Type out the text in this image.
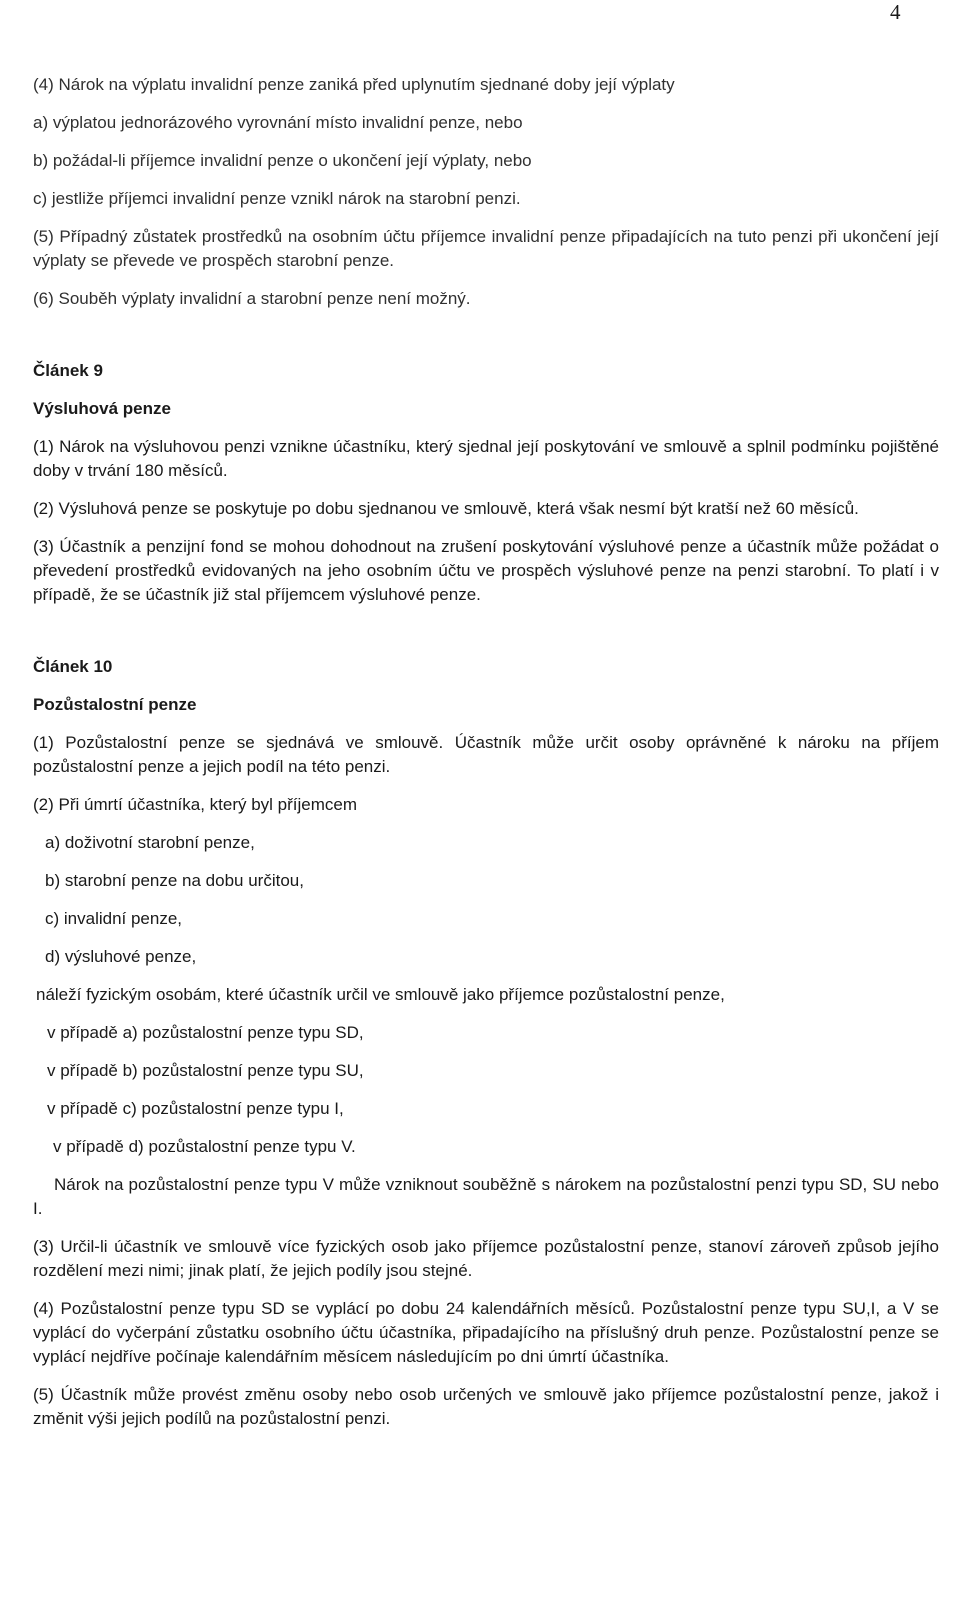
4

(4) Nárok na výplatu invalidní penze zaniká před uplynutím sjednané doby její výplaty

a) výplatou jednorázového vyrovnání místo invalidní penze, nebo

b) požádal-li příjemce invalidní penze o ukončení její výplaty, nebo

c) jestliže příjemci invalidní penze vznikl nárok na starobní penzi.

(5) Případný zůstatek prostředků na osobním účtu příjemce invalidní penze připadajících na tuto penzi při ukončení její výplaty se převede ve prospěch starobní penze.

(6) Souběh výplaty invalidní a starobní penze není možný.

Článek 9

Výsluhová penze

(1) Nárok na výsluhovou penzi vznikne účastníku, který sjednal její poskytování ve smlouvě a splnil podmínku pojištěné doby v trvání 180 měsíců.

(2) Výsluhová penze se poskytuje po dobu sjednanou ve smlouvě, která však nesmí být kratší než 60 měsíců.

(3) Účastník a penzijní fond se mohou dohodnout na zrušení poskytování výsluhové penze a účastník může požádat o převedení prostředků evidovaných na jeho osobním účtu ve prospěch výsluhové penze na penzi starobní. To platí i v případě, že se účastník již stal příjemcem výsluhové penze.

Článek 10

Pozůstalostní penze

(1) Pozůstalostní penze se sjednává ve smlouvě. Účastník může určit osoby oprávněné k nároku na příjem pozůstalostní penze a jejich podíl na této penzi.

(2) Při úmrtí účastníka, který byl příjemcem

a) doživotní starobní penze,

b) starobní penze na dobu určitou,

c) invalidní penze,

d) výsluhové penze,

náleží fyzickým osobám, které účastník určil ve smlouvě jako příjemce pozůstalostní penze,

v případě a) pozůstalostní penze typu SD,

v případě b) pozůstalostní penze typu SU,

v případě c) pozůstalostní penze typu I,

v případě d) pozůstalostní penze typu V.

Nárok na pozůstalostní penze typu V může vzniknout souběžně s nárokem na pozůstalostní penzi typu SD, SU nebo I.

(3) Určil-li účastník ve smlouvě více fyzických osob jako příjemce pozůstalostní penze, stanoví zároveň způsob jejího rozdělení mezi nimi; jinak platí, že jejich podíly jsou stejné.

(4) Pozůstalostní penze typu SD se vyplácí po dobu 24 kalendářních měsíců. Pozůstalostní penze typu SU,I, a V se vyplácí do vyčerpání zůstatku osobního účtu účastníka, připadajícího na příslušný druh penze. Pozůstalostní penze se vyplácí nejdříve počínaje kalendářním měsícem následujícím po dni úmrtí účastníka.

(5) Účastník může provést změnu osoby nebo osob určených ve smlouvě jako příjemce pozůstalostní penze, jakož i změnit výši jejich podílů na pozůstalostní penzi.
